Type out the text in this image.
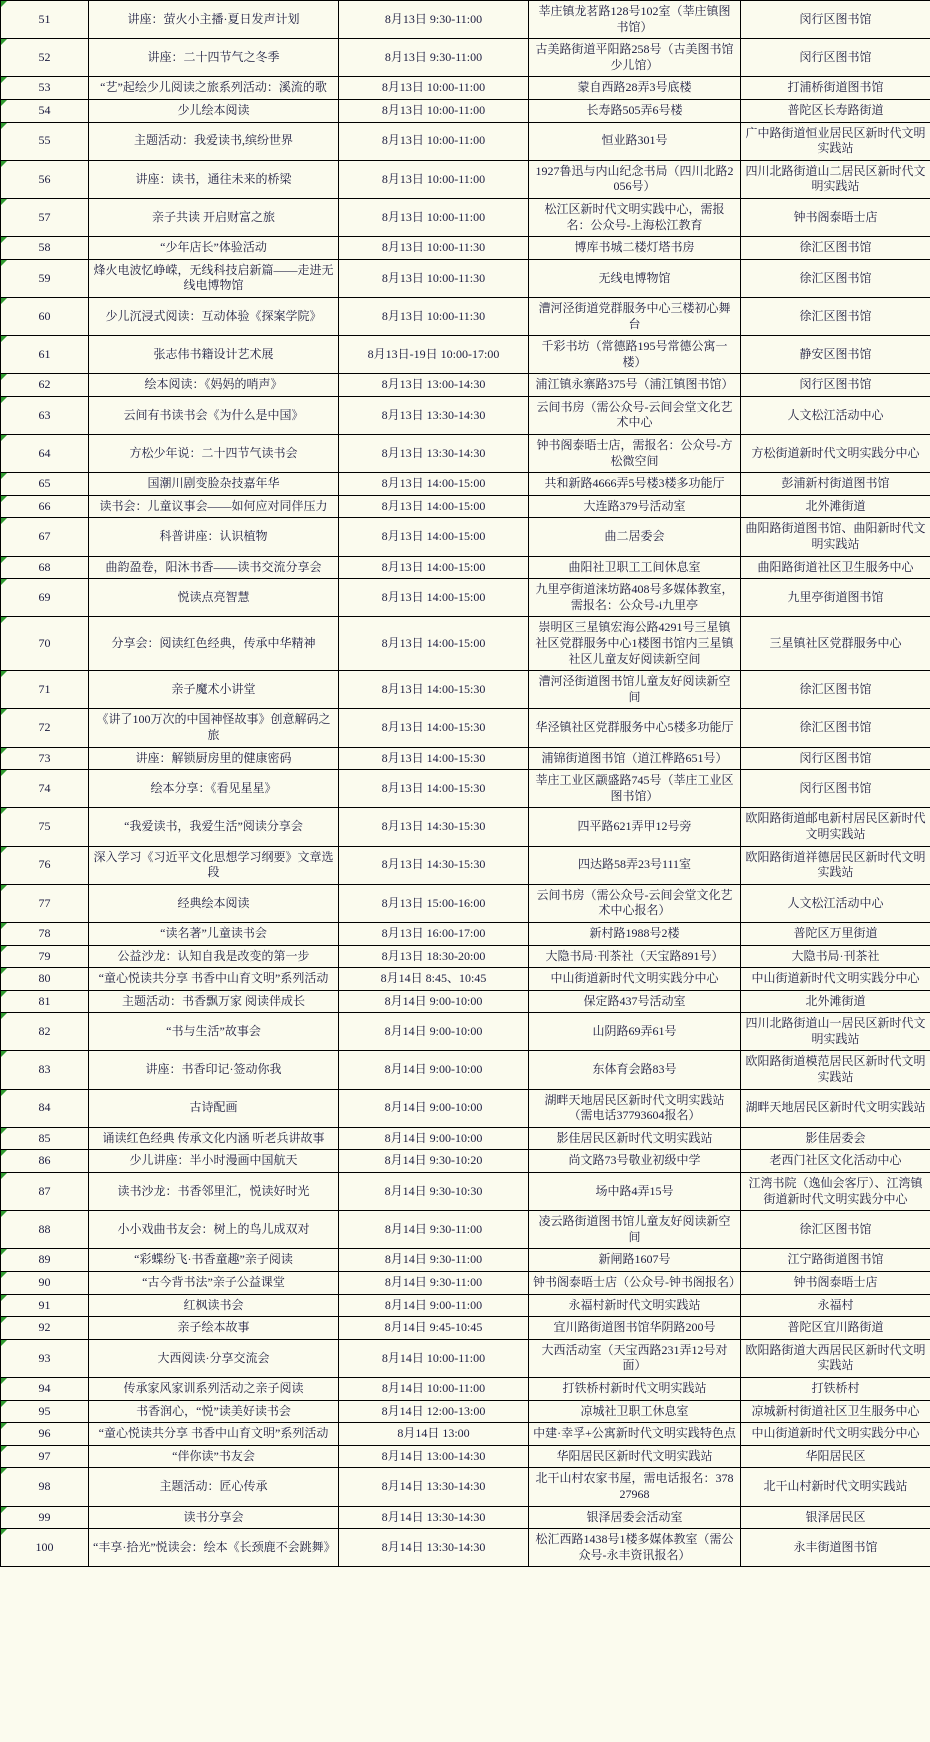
51	讲座：萤火小主播·夏日发声计划	8月13日 9:30-11:00	莘庄镇龙茗路128号102室（莘庄镇图书馆）	闵行区图书馆

52	讲座：二十四节气之冬季	8月13日 9:30-11:00	古美路街道平阳路258号（古美图书馆少儿馆）	闵行区图书馆

53	“艺”起绘少儿阅读之旅系列活动：溪流的歌	8月13日 10:00-11:00	蒙自西路28弄3号底楼	打浦桥街道图书馆

54	少儿绘本阅读	8月13日 10:00-11:00	长寿路505弄6号楼	普陀区长寿路街道

55	主题活动：我爱读书,缤纷世界	8月13日 10:00-11:00	恒业路301号	广中路街道恒业居民区新时代文明实践站

56	讲座：读书，通往未来的桥梁	8月13日 10:00-11:00	1927鲁迅与内山纪念书局（四川北路2056号）	四川北路街道山二居民区新时代文明实践站

57	亲子共读 开启财富之旅	8月13日 10:00-11:00	松江区新时代文明实践中心，需报名：公众号-上海松江教育	钟书阁泰晤士店

58	“少年店长”体验活动	8月13日 10:00-11:30	博库书城二楼灯塔书房	徐汇区图书馆

59	烽火电波忆峥嵘，无线科技启新篇——走进无线电博物馆	8月13日 10:00-11:30	无线电博物馆	徐汇区图书馆

60	少儿沉浸式阅读：互动体验《探案学院》	8月13日 10:00-11:30	漕河泾街道党群服务中心三楼初心舞台	徐汇区图书馆

61	张志伟书籍设计艺术展	8月13日-19日 10:00-17:00	千彩书坊（常德路195号常德公寓一楼）	静安区图书馆

62	绘本阅读：《妈妈的哨声》	8月13日 13:00-14:30	浦江镇永寨路375号（浦江镇图书馆）	闵行区图书馆

63	云间有书读书会《为什么是中国》	8月13日 13:30-14:30	云间书房（需公众号-云间会堂文化艺术中心	人文松江活动中心

64	方松少年说：二十四节气读书会	8月13日 13:30-14:30	钟书阁泰晤士店，需报名：公众号-方松微空间	方松街道新时代文明实践分中心

65	国潮川剧变脸杂技嘉年华	8月13日 14:00-15:00	共和新路4666弄5号楼3楼多功能厅	彭浦新村街道图书馆

66	读书会：儿童议事会——如何应对同伴压力	8月13日 14:00-15:00	大连路379号活动室	北外滩街道

67	科普讲座：认识植物	8月13日 14:00-15:00	曲二居委会	曲阳路街道图书馆、曲阳新时代文明实践站

68	曲韵盈卷，阳沐书香——读书交流分享会	8月13日 14:00-15:00	曲阳社卫职工工间休息室	曲阳路街道社区卫生服务中心

69	悦读点亮智慧	8月13日 14:00-15:00	九里亭街道涞坊路408号多媒体教室，需报名：公众号-i九里亭	九里亭街道图书馆

70	分享会：阅读红色经典，传承中华精神	8月13日 14:00-15:00	崇明区三星镇宏海公路4291号三星镇社区党群服务中心1楼图书馆内三星镇社区儿童友好阅读新空间	三星镇社区党群服务中心

71	亲子魔术小讲堂	8月13日 14:00-15:30	漕河泾街道图书馆儿童友好阅读新空间	徐汇区图书馆

72	《讲了100万次的中国神怪故事》创意解码之旅	8月13日 14:00-15:30	华泾镇社区党群服务中心5楼多功能厅	徐汇区图书馆

73	讲座：解锁厨房里的健康密码	8月13日 14:00-15:30	浦锦街道图书馆（道江桦路651号）	闵行区图书馆

74	绘本分享：《看见星星》	8月13日 14:00-15:30	莘庄工业区颛盛路745号（莘庄工业区图书馆）	闵行区图书馆

75	“我爱读书，我爱生活”阅读分享会	8月13日 14:30-15:30	四平路621弄甲12号旁	欧阳路街道邮电新村居民区新时代文明实践站

76	深入学习《习近平文化思想学习纲要》文章选段	8月13日 14:30-15:30	四达路58弄23号111室	欧阳路街道祥德居民区新时代文明实践站

77	经典绘本阅读	8月13日 15:00-16:00	云间书房（需公众号-云间会堂文化艺术中心报名）	人文松江活动中心

78	“读名著”儿童读书会	8月13日 16:00-17:00	新村路1988号2楼	普陀区万里街道

79	公益沙龙：认知自我是改变的第一步	8月13日 18:30-20:00	大隐书局·刊茶社（天宝路891号）	大隐书局·刊茶社

80	“童心悦读共分享 书香中山育文明”系列活动	8月14日 8:45、10:45	中山街道新时代文明实践分中心	中山街道新时代文明实践分中心

81	主题活动：书香飘万家 阅读伴成长	8月14日 9:00-10:00	保定路437号活动室	北外滩街道

82	“书与生活”故事会	8月14日 9:00-10:00	山阴路69弄61号	四川北路街道山一居民区新时代文明实践站

83	讲座：书香印记·签动你我	8月14日 9:00-10:00	东体育会路83号	欧阳路街道模范居民区新时代文明实践站

84	古诗配画	8月14日 9:00-10:00	湖畔天地居民区新时代文明实践站（需电话37793604报名）	湖畔天地居民区新时代文明实践站

85	诵读红色经典 传承文化内涵 听老兵讲故事	8月14日 9:00-10:00	影佳居民区新时代文明实践站	影佳居委会

86	少儿讲座：半小时漫画中国航天	8月14日 9:30-10:20	尚文路73号敬业初级中学	老西门社区文化活动中心

87	读书沙龙：书香邻里汇，悦读好时光	8月14日 9:30-10:30	场中路4弄15号	江湾书院（逸仙会客厅）、江湾镇街道新时代文明实践分中心

88	小小戏曲书友会：树上的鸟儿成双对	8月14日 9:30-11:00	凌云路街道图书馆儿童友好阅读新空间	徐汇区图书馆

89	“彩蝶纷飞·书香童趣”亲子阅读	8月14日 9:30-11:00	新闸路1607号	江宁路街道图书馆

90	“古今背书法”亲子公益课堂	8月14日 9:30-11:00	钟书阁泰晤士店（公众号-钟书阁报名）	钟书阁泰晤士店

91	红枫读书会	8月14日 9:00-11:00	永福村新时代文明实践站	永福村

92	亲子绘本故事	8月14日 9:45-10:45	宜川路街道图书馆华阴路200号	普陀区宜川路街道

93	大西阅读·分享交流会	8月14日 10:00-11:00	大西活动室（天宝西路231弄12号对面）	欧阳路街道大西居民区新时代文明实践站

94	传承家风家训系列活动之亲子阅读	8月14日 10:00-11:00	打铁桥村新时代文明实践站	打铁桥村

95	书香润心，“悦”读美好读书会	8月14日 12:00-13:00	凉城社卫职工休息室	凉城新村街道社区卫生服务中心

96	“童心悦读共分享 书香中山育文明”系列活动	8月14日 13:00	中建·幸孚+公寓新时代文明实践特色点	中山街道新时代文明实践分中心

97	“伴你读”书友会	8月14日 13:00-14:30	华阳居民区新时代文明实践站	华阳居民区

98	主题活动：匠心传承	8月14日 13:30-14:30	北干山村农家书屋，需电话报名：37827968	北干山村新时代文明实践站

99	读书分享会	8月14日 13:30-14:30	银泽居委会活动室	银泽居民区

100	“丰享·拾光”悦读会：绘本《长颈鹿不会跳舞》	8月14日 13:30-14:30	松汇西路1438号1楼多媒体教室（需公众号-永丰资讯报名）	永丰街道图书馆
